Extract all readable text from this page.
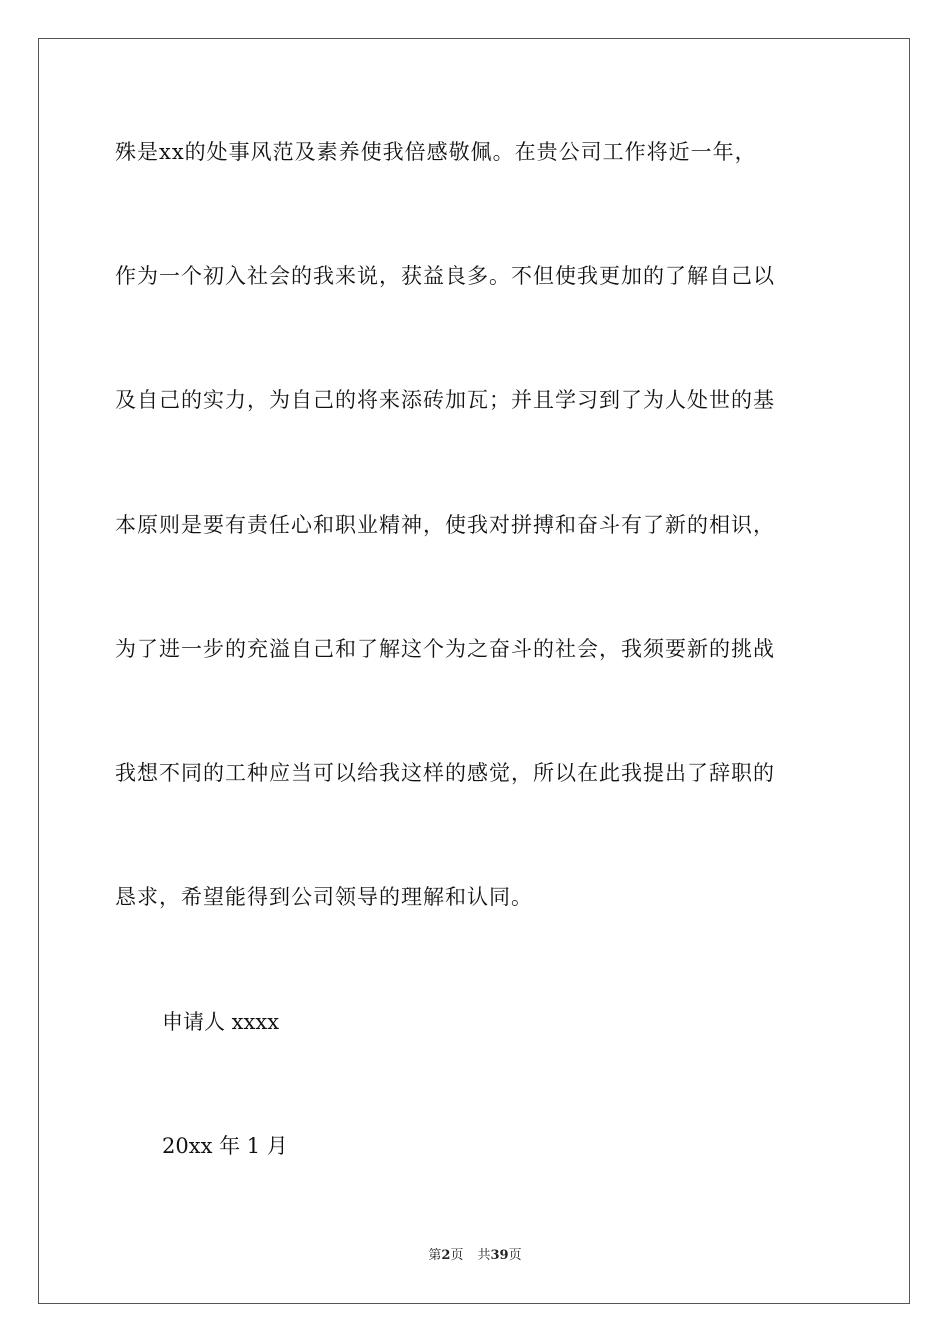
殊是xx的处事风范及素养使我倍感敬佩。在贵公司工作将近一年，
作为一个初入社会的我来说，获益良多。不但使我更加的了解自己以
及自己的实力，为自己的将来添砖加瓦；并且学习到了为人处世的基
本原则是要有责任心和职业精神，使我对拼搏和奋斗有了新的相识，
为了进一步的充溢自己和了解这个为之奋斗的社会，我须要新的挑战
我想不同的工种应当可以给我这样的感觉，所以在此我提出了辞职的
恳求，希望能得到公司领导的理解和认同。
申请人 xxxx
20xx 年 1 月
第2页 共39页
